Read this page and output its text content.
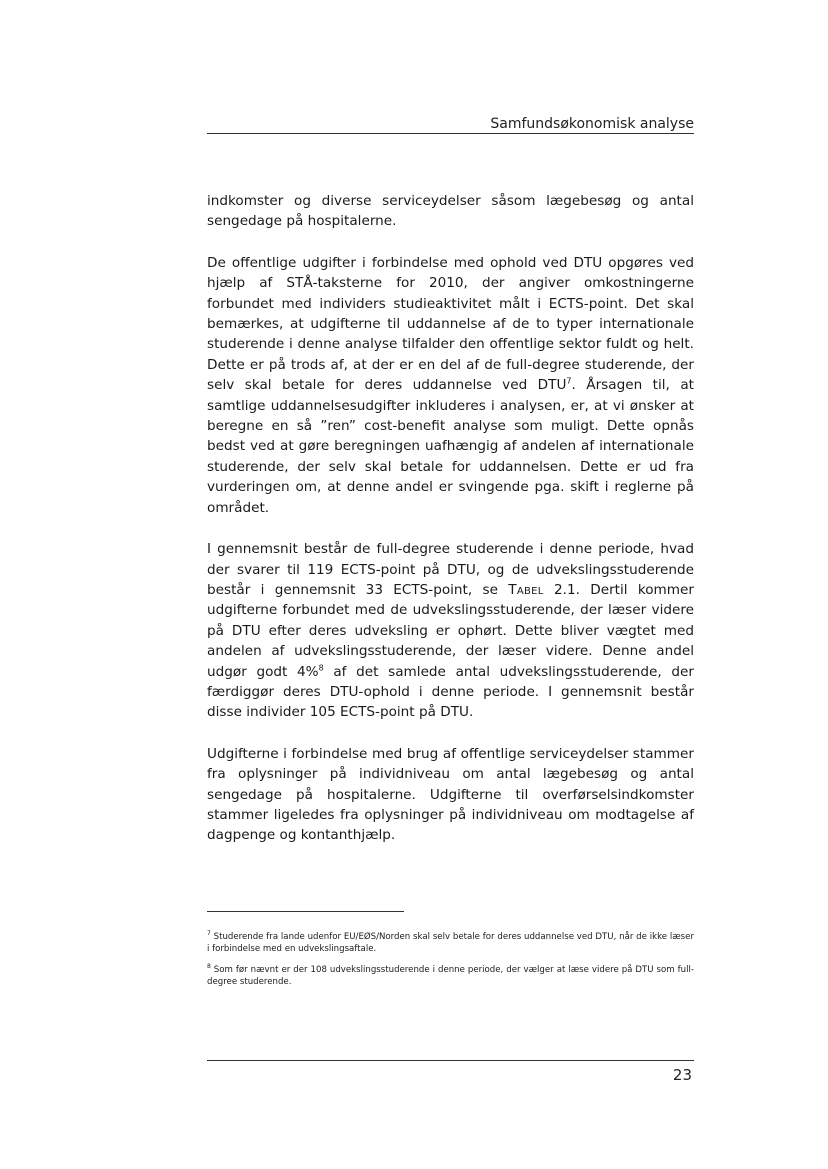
Samfundsøkonomisk analyse

indkomster og diverse serviceydelser såsom lægebesøg og antal sengedage på hospitalerne.

De offentlige udgifter i forbindelse med ophold ved DTU opgøres ved hjælp af STÅ-taksterne for 2010, der angiver omkostningerne forbundet med individers studieaktivitet målt i ECTS-point. Det skal bemærkes, at udgifterne til uddannelse af de to typer internationale studerende i denne analyse tilfalder den offentlige sektor fuldt og helt. Dette er på trods af, at der er en del af de full-degree studerende, der selv skal betale for deres uddannelse ved DTU$^7$. Årsagen til, at samtlige uddannelsesudgifter inkluderes i analysen, er, at vi ønsker at beregne en så ”ren” cost-benefit analyse som muligt. Dette opnås bedst ved at gøre beregningen uafhængig af andelen af internationale studerende, der selv skal betale for uddannelsen. Dette er ud fra vurderingen om, at denne andel er svingende pga. skift i reglerne på området.

I gennemsnit består de full-degree studerende i denne periode, hvad der svarer til 119 ECTS-point på DTU, og de udvekslingsstuderende består i gennemsnit 33 ECTS-point, se Tabel 2.1. Dertil kommer udgifterne forbundet med de udvekslingsstuderende, der læser videre på DTU efter deres udveksling er ophørt. Dette bliver vægtet med andelen af udvekslingsstuderende, der læser videre. Denne andel udgør godt 4%$^8$ af det samlede antal udvekslingsstuderende, der færdiggør deres DTU-ophold i denne periode. I gennemsnit består disse individer 105 ECTS-point på DTU.

Udgifterne i forbindelse med brug af offentlige serviceydelser stammer fra oplysninger på individniveau om antal lægebesøg og antal sengedage på hospitalerne. Udgifterne til overførselsindkomster stammer ligeledes fra oplysninger på individniveau om modtagelse af dagpenge og kontanthjælp.

$^7$ Studerende fra lande udenfor EU/EØS/Norden skal selv betale for deres uddannelse ved DTU, når de ikke læser i forbindelse med en udvekslingsaftale.

$^8$ Som før nævnt er der 108 udvekslingsstuderende i denne periode, der vælger at læse videre på DTU som full-degree studerende.

23
